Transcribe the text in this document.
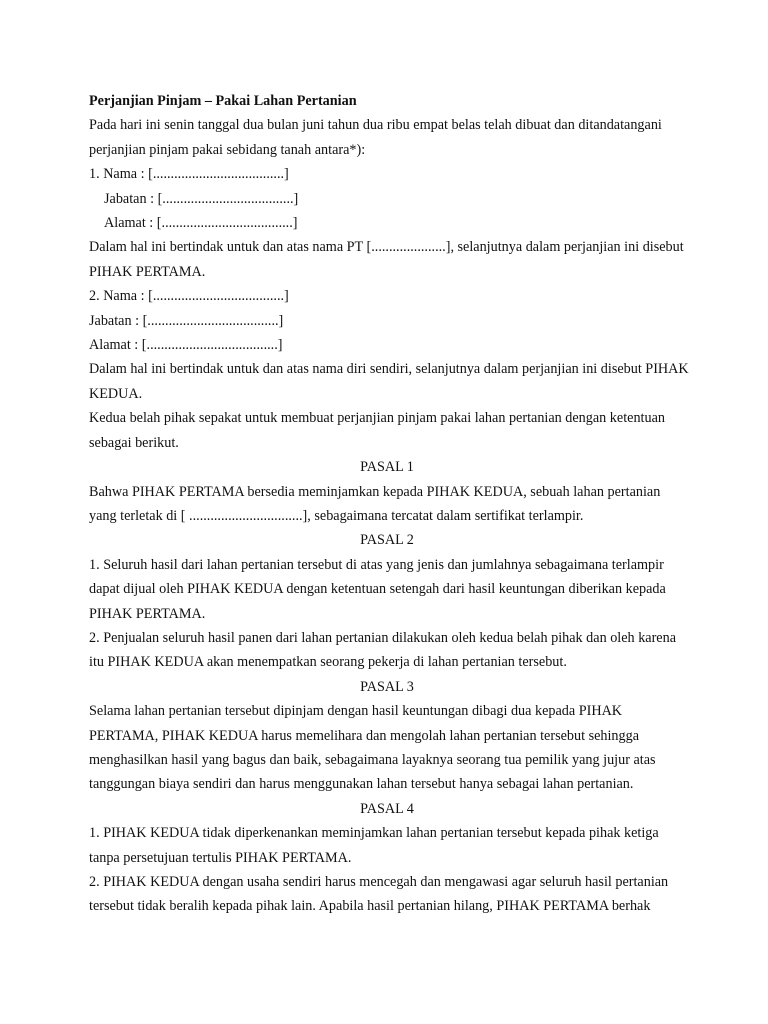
Perjanjian Pinjam – Pakai Lahan Pertanian
Pada hari ini senin tanggal dua bulan juni tahun dua ribu empat belas telah dibuat dan ditandatangani
perjanjian pinjam pakai sebidang tanah antara*):
1. Nama : [.....................................]
Jabatan : [.....................................]
Alamat : [.....................................]
Dalam hal ini bertindak untuk dan atas nama PT [.....................], selanjutnya dalam perjanjian ini disebut
PIHAK PERTAMA.
2. Nama : [.....................................]
Jabatan : [.....................................]
Alamat : [.....................................]
Dalam hal ini bertindak untuk dan atas nama diri sendiri, selanjutnya dalam perjanjian ini disebut PIHAK
KEDUA.
Kedua belah pihak sepakat untuk membuat perjanjian pinjam pakai lahan pertanian dengan ketentuan
sebagai berikut.
PASAL 1
Bahwa PIHAK PERTAMA bersedia meminjamkan kepada PIHAK KEDUA, sebuah lahan pertanian
yang terletak di [ ................................], sebagaimana tercatat dalam sertifikat terlampir.
PASAL 2
1. Seluruh hasil dari lahan pertanian tersebut di atas yang jenis dan jumlahnya sebagaimana terlampir
dapat dijual oleh PIHAK KEDUA dengan ketentuan setengah dari hasil keuntungan diberikan kepada
PIHAK PERTAMA.
2. Penjualan seluruh hasil panen dari lahan pertanian dilakukan oleh kedua belah pihak dan oleh karena
itu PIHAK KEDUA akan menempatkan seorang pekerja di lahan pertanian tersebut.
PASAL 3
Selama lahan pertanian tersebut dipinjam dengan hasil keuntungan dibagi dua kepada PIHAK
PERTAMA, PIHAK KEDUA harus memelihara dan mengolah lahan pertanian tersebut sehingga
menghasilkan hasil yang bagus dan baik, sebagaimana layaknya seorang tua pemilik yang jujur atas
tanggungan biaya sendiri dan harus menggunakan lahan tersebut hanya sebagai lahan pertanian.
PASAL 4
1. PIHAK KEDUA tidak diperkenankan meminjamkan lahan pertanian tersebut kepada pihak ketiga
tanpa persetujuan tertulis PIHAK PERTAMA.
2. PIHAK KEDUA dengan usaha sendiri harus mencegah dan mengawasi agar seluruh hasil pertanian
tersebut tidak beralih kepada pihak lain. Apabila hasil pertanian hilang, PIHAK PERTAMA berhak
